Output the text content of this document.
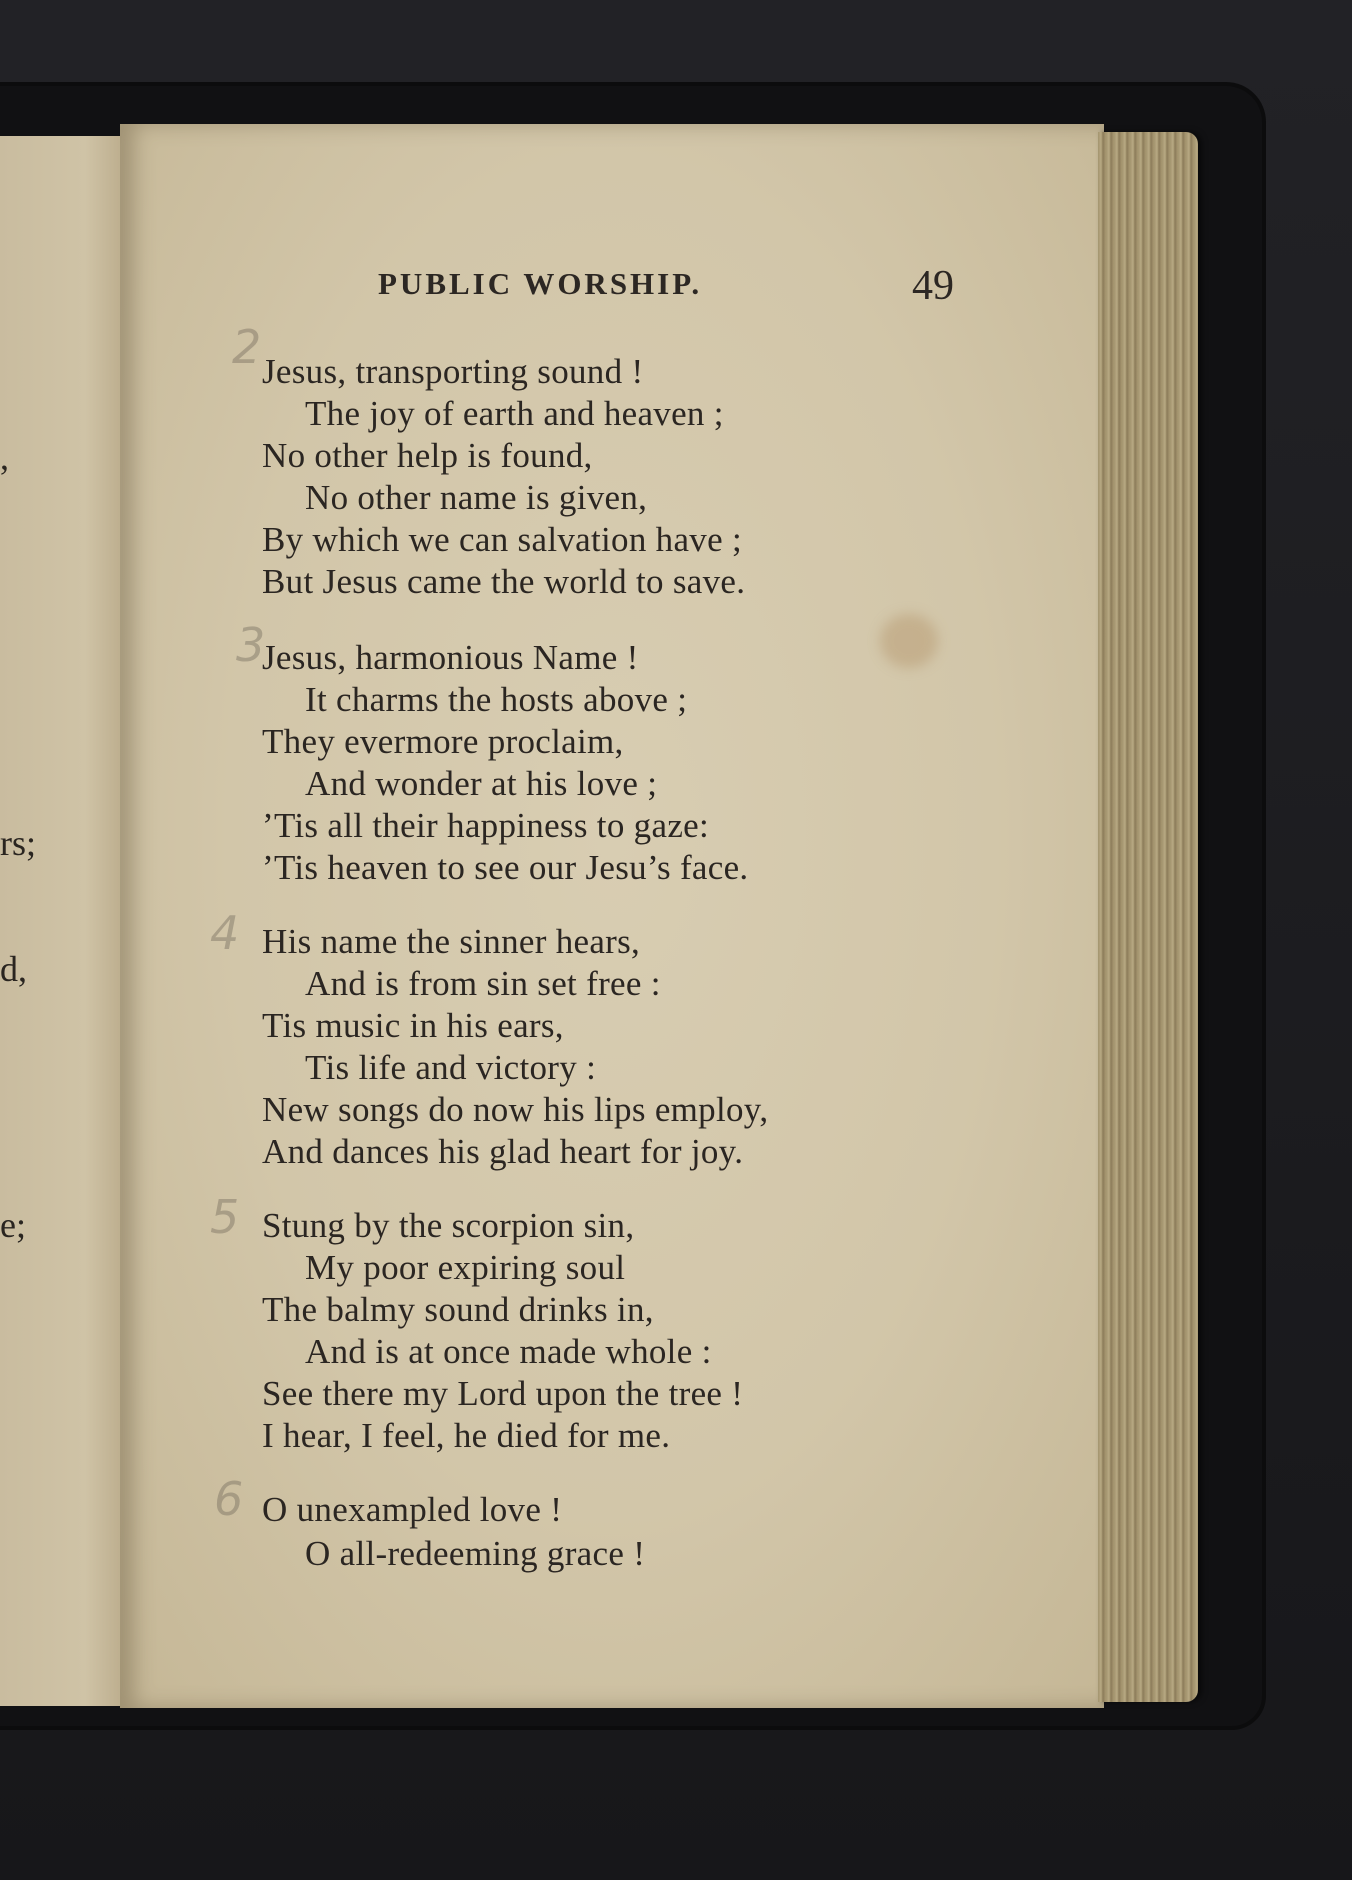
,
rs;
d,
e;
PUBLIC WORSHIP.	49
2
3
4
5
6
Jesus, transporting sound !
The joy of earth and heaven ;
No other help is found,
No other name is given,
By which we can salvation have ;
But Jesus came the world to save.
Jesus, harmonious Name !
It charms the hosts above ;
They evermore proclaim,
And wonder at his love ;
’Tis all their happiness to gaze:
’Tis heaven to see our Jesu’s face.
His name the sinner hears,
And is from sin set free :
Tis music in his ears,
Tis life and victory :
New songs do now his lips employ,
And dances his glad heart for joy.
Stung by the scorpion sin,
My poor expiring soul
The balmy sound drinks in,
And is at once made whole :
See there my Lord upon the tree !
I hear, I feel, he died for me.
O unexampled love !
O all-redeeming grace !
